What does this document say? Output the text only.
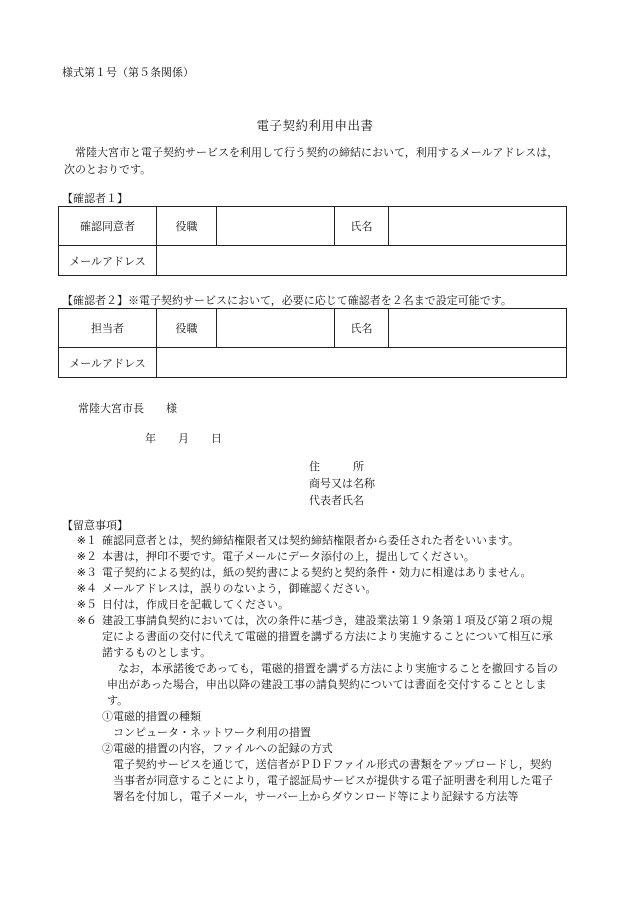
様式第１号（第５条関係）
電子契約利用申出書

常陸大宮市と電子契約サービスを利用して行う契約の締結において，利用するメールアドレスは，次のとおりです。

【確認者１】
確認同意者	役職		氏名	
メールアドレス				
【確認者２】※電子契約サービスにおいて，必要に応じて確認者を２名まで設定可能です。
担当者	役職		氏名	
メールアドレス				
常陸大宮市長　　様
年　　月　　日
住　　　所
商号又は名称
代表者氏名
【留意事項】
※１ 確認同意者とは，契約締結権限者又は契約締結権限者から委任された者をいいます。
※２ 本書は，押印不要です。電子メールにデータ添付の上，提出してください。
※３ 電子契約による契約は，紙の契約書による契約と契約条件・効力に相違はありません。
※４ メールアドレスは，誤りのないよう，御確認ください。
※５ 日付は，作成日を記載してください。
※６ 建設工事請負契約においては，次の条件に基づき，建設業法第１９条第１項及び第２項の規定による書面の交付に代えて電磁的措置を講ずる方法により実施することについて相互に承諾するものとします。
なお，本承諾後であっても，電磁的措置を講ずる方法により実施することを撤回する旨の申出があった場合，申出以降の建設工事の請負契約については書面を交付することとします。
①電磁的措置の種類
コンピュータ・ネットワーク利用の措置
②電磁的措置の内容，ファイルへの記録の方式
電子契約サービスを通じて，送信者がＰＤＦファイル形式の書類をアップロードし，契約当事者が同意することにより，電子認証局サービスが提供する電子証明書を利用した電子署名を付加し，電子メール，サーバー上からダウンロード等により記録する方法等
